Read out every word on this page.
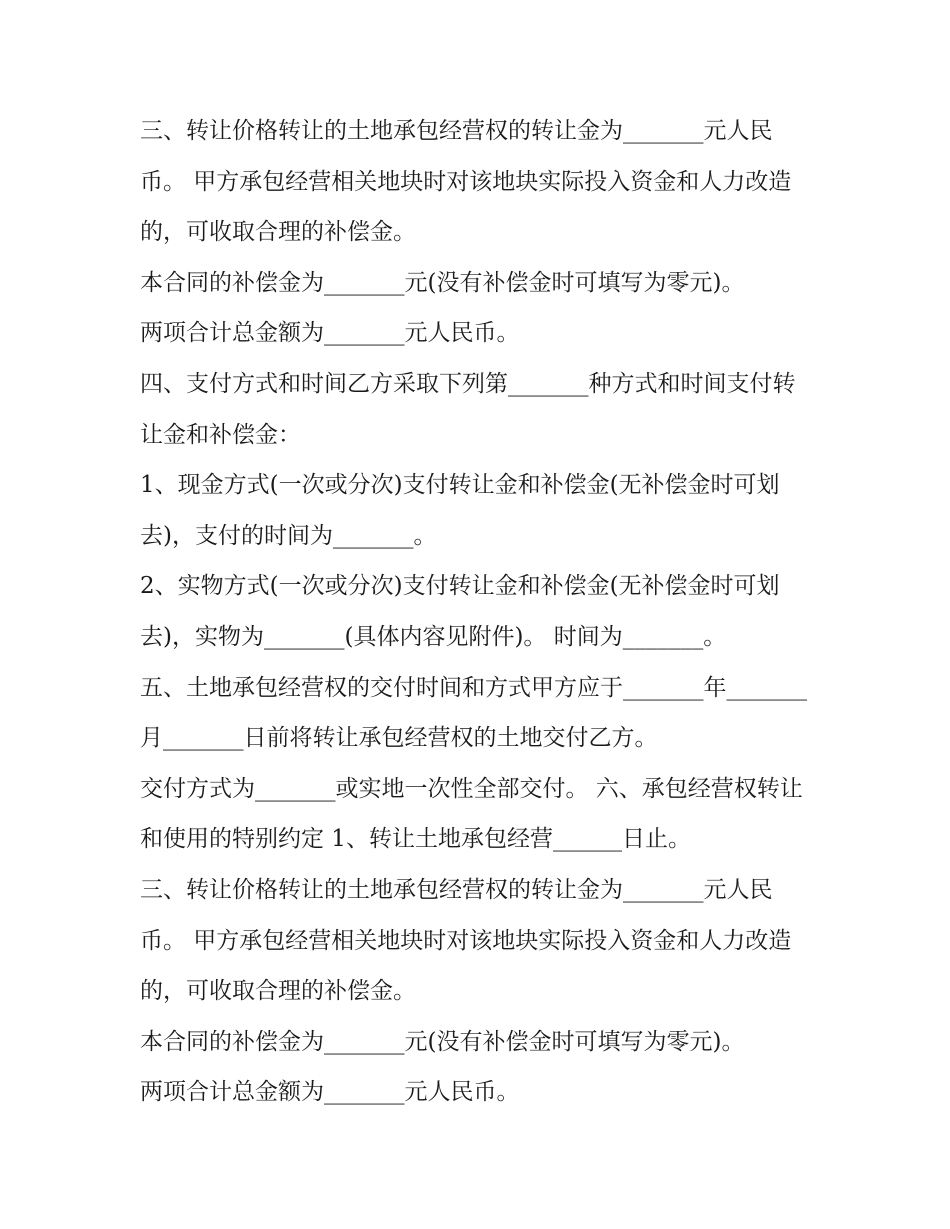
三、转让价格转让的土地承包经营权的转让金为_______元人民币。 甲方承包经营相关地块时对该地块实际投入资金和人力改造的，可收取合理的补偿金。

本合同的补偿金为_______元(没有补偿金时可填写为零元)。

两项合计总金额为_______元人民币。

四、支付方式和时间乙方采取下列第_______种方式和时间支付转让金和补偿金：

1、现金方式(一次或分次)支付转让金和补偿金(无补偿金时可划去)，支付的时间为_______。

2、实物方式(一次或分次)支付转让金和补偿金(无补偿金时可划去)，实物为_______(具体内容见附件)。 时间为_______。

五、土地承包经营权的交付时间和方式甲方应于_______年_______月_______日前将转让承包经营权的土地交付乙方。

交付方式为_______或实地一次性全部交付。 六、承包经营权转让和使用的特别约定 1、转让土地承包经营______日止。

三、转让价格转让的土地承包经营权的转让金为_______元人民币。 甲方承包经营相关地块时对该地块实际投入资金和人力改造的，可收取合理的补偿金。

本合同的补偿金为_______元(没有补偿金时可填写为零元)。

两项合计总金额为_______元人民币。
